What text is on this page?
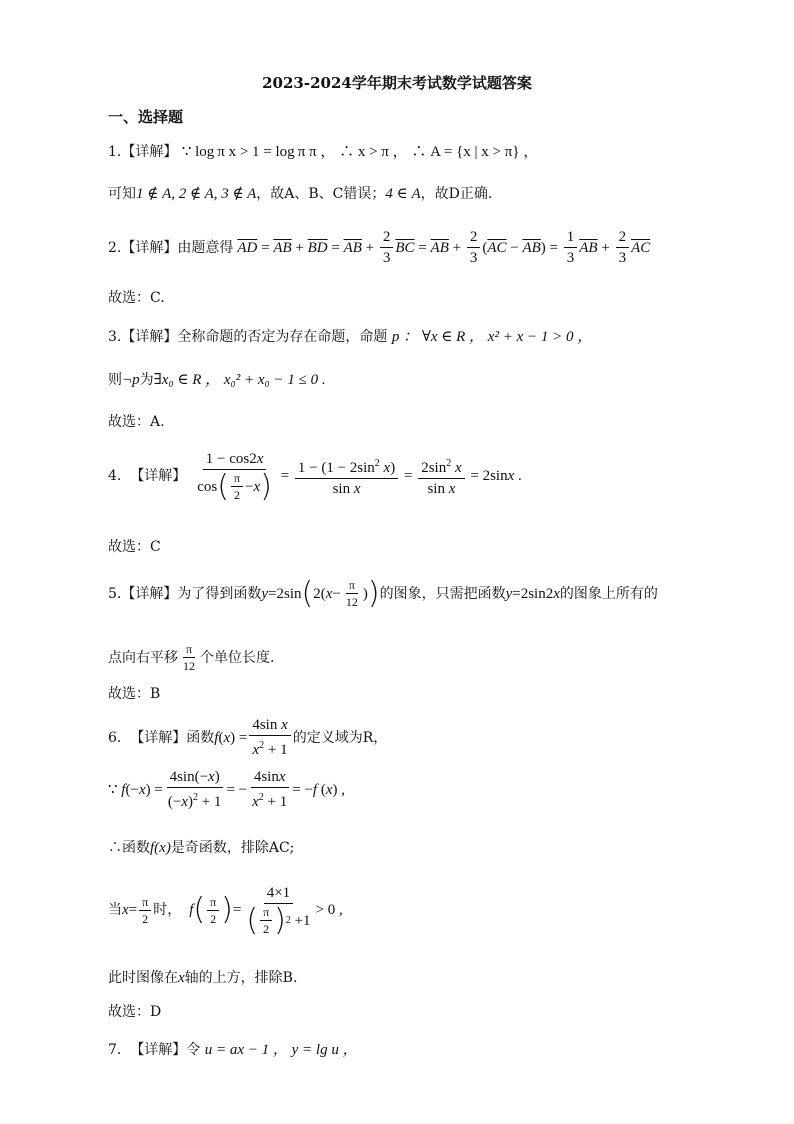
2023-2024学年期末考试数学试题答案
一、选择题
1.【详解】 ∵ log π x > 1 = log π π ， ∴ x > π ， ∴ A = {x | x > π} ，
可知1 ∉ A, 2 ∉ A, 3 ∉ A，故A、B、C错误；4 ∈ A，故D正确.
2. 【详解】 由题意得 $\overline{AD} = \overline{AB} + \overline{BD} = \overline{AB} + \frac{2}{3} \overline{BC} = \overline{AB} + \frac{2}{3}$ ( $\overline{AC} - \overline{AB}$ ) = $\frac{1}{3} \overline{AB} + \frac{2}{3} \overline{AC}$
故选：C.
3.【详解】全称命题的否定为存在命题，命题 p ： ∀x ∈ R ， x² + x − 1 > 0 ，
则¬p为∃x₀ ∈ R ， x₀² + x₀ − 1 ≤ 0 .
故选：A.
4.
【详解】 $\frac{1 - \cos 2x}{\cos ( \frac{\pi}{2} - x )} = \frac{1 - (1 - 2\sin^2 x)}{\text{sin x}} = \frac{2\sin^2 x}{\text{sin x}} = 2\sin$ x .
故选：C
5. 【详解】 为了得到函数 y =2sin ( 2( $x - \frac{\pi}{12}$ ) ) 的图象，只需把函数 y=2sin2x 的图象上所有的
点向右平移 $\frac{\pi}{12}$ 个单位长度.
故选：B
6.
【详解】 函数 f ( x ) = $\frac{\text{4sin x}}{x^2 + 1}$ 的定义域为R，
∵ f (− x ) = $\frac{4\sin(-x)}{(-x)^2 + 1}$ = − $\frac{4\sin x}{x^2 + 1}$ = − f ( x ) ,
∴函数f(x)是奇函数，排除AC;
当 $x = \frac{\pi}{2}$ 时， f ( $\frac{\pi}{2}$ ) = $\frac{4\times 1}{( \frac{\pi}{2} ) 2 +1} > 0$ ,
此时图像在x轴的上方，排除B.
故选：D
7. 【详解】令 u = ax − 1 ， y = lg u ，
